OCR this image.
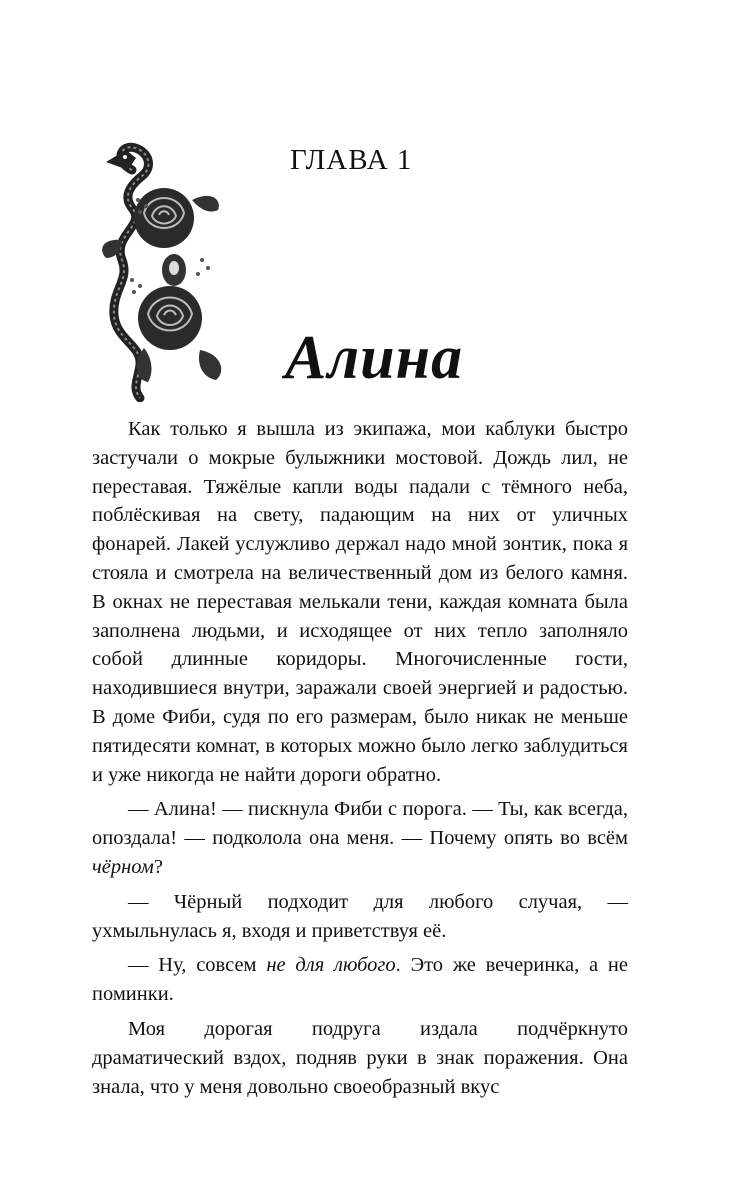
ГЛАВА 1
Алина

Как только я вышла из экипажа, мои каблуки быстро застучали о мокрые булыжники мостовой. Дождь лил, не переставая. Тяжёлые капли воды падали с тёмного неба, поблёскивая на свету, падающим на них от уличных фонарей. Лакей услужливо держал надо мной зонтик, пока я стояла и смотрела на величественный дом из белого камня. В окнах не переставая мелькали тени, каждая комната была заполнена людьми, и исходящее от них тепло заполняло собой длинные коридоры. Многочисленные гости, находившиеся внутри, заражали своей энергией и радостью. В доме Фиби, судя по его размерам, было никак не меньше пятидесяти комнат, в которых можно было легко заблудиться и уже никогда не найти дороги обратно.

— Алина! — пискнула Фиби с порога. — Ты, как всегда, опоздала! — подколола она меня. — Почему опять во всём чёрном?

— Чёрный подходит для любого случая, — ухмыльнулась я, входя и приветствуя её.

— Ну, совсем не для любого. Это же вечеринка, а не поминки.

Моя дорогая подруга издала подчёркнуто драматический вздох, подняв руки в знак поражения. Она знала, что у меня довольно своеобразный вкус
